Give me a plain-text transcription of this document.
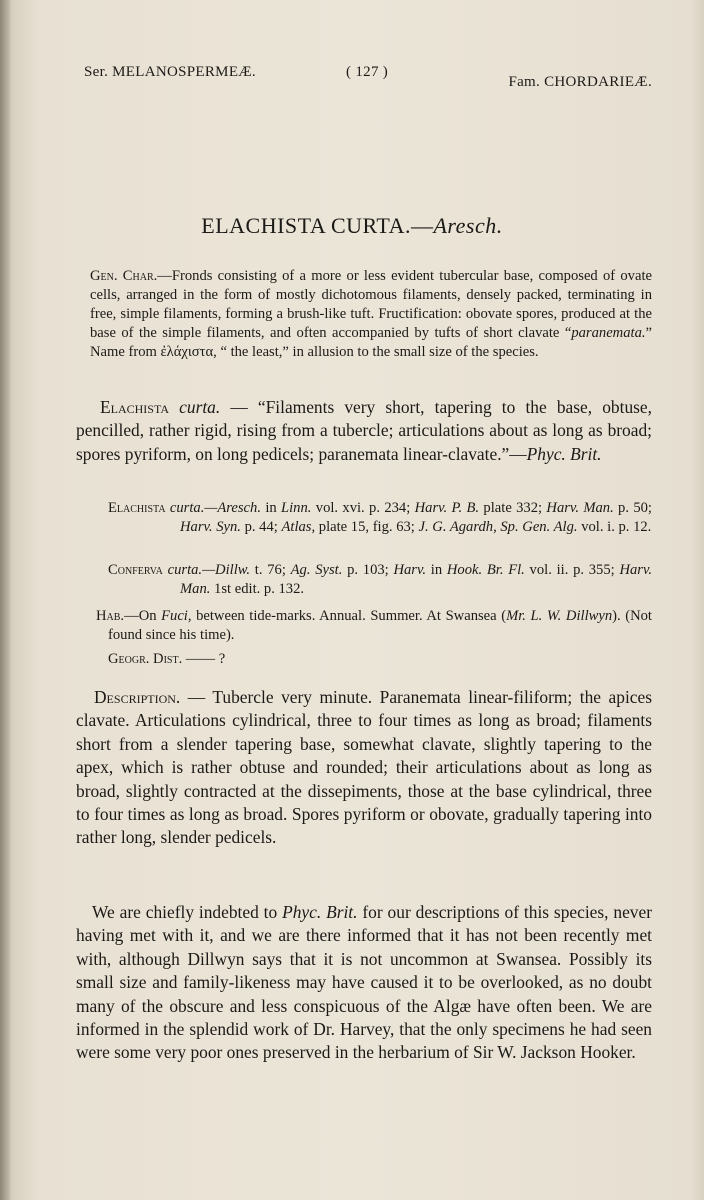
Ser. MELANOSPERMEÆ.	( 127 )
Fam. CHORDARIEÆ.
ELACHISTA CURTA.—Aresch.
Gen. Char.—Fronds consisting of a more or less evident tubercular base, composed of ovate cells, arranged in the form of mostly dichotomous filaments, densely packed, terminating in free, simple filaments, forming a brush-like tuft. Fructification: obovate spores, produced at the base of the simple filaments, and often accompanied by tufts of short clavate “paranemata.” Name from ἐλάχιστα, “ the least,” in allusion to the small size of the species.
Elachista curta. — “Filaments very short, tapering to the base, obtuse, pencilled, rather rigid, rising from a tubercle; articulations about as long as broad; spores pyriform, on long pedicels; paranemata linear-clavate.”—Phyc. Brit.
Elachista curta.—Aresch. in Linn. vol. xvi. p. 234; Harv. P. B. plate 332; Harv. Man. p. 50; Harv. Syn. p. 44; Atlas, plate 15, fig. 63; J. G. Agardh, Sp. Gen. Alg. vol. i. p. 12.
Conferva curta.—Dillw. t. 76; Ag. Syst. p. 103; Harv. in Hook. Br. Fl. vol. ii. p. 355; Harv. Man. 1st edit. p. 132.
Hab.—On Fuci, between tide-marks. Annual. Summer. At Swansea (Mr. L. W. Dillwyn). (Not found since his time).
Geogr. Dist. —— ?
Description. — Tubercle very minute. Paranemata linear-filiform; the apices clavate. Articulations cylindrical, three to four times as long as broad; filaments short from a slender tapering base, somewhat clavate, slightly tapering to the apex, which is rather obtuse and rounded; their articulations about as long as broad, slightly contracted at the dissepiments, those at the base cylindrical, three to four times as long as broad. Spores pyriform or obovate, gradually tapering into rather long, slender pedicels.
We are chiefly indebted to Phyc. Brit. for our descriptions of this species, never having met with it, and we are there informed that it has not been recently met with, although Dillwyn says that it is not uncommon at Swansea. Possibly its small size and family-likeness may have caused it to be overlooked, as no doubt many of the obscure and less conspicuous of the Algæ have often been. We are informed in the splendid work of Dr. Harvey, that the only specimens he had seen were some very poor ones preserved in the herbarium of Sir W. Jackson Hooker.
